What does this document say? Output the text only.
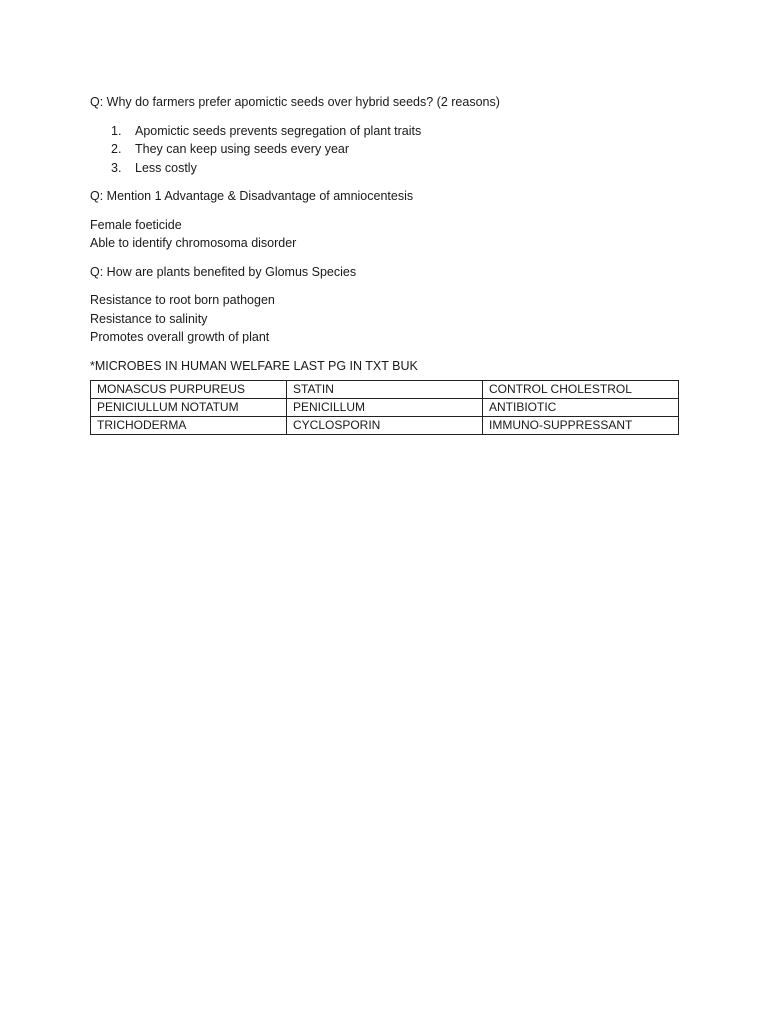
Q: Why do farmers prefer apomictic seeds over hybrid seeds? (2 reasons)

1.	Apomictic seeds prevents segregation of plant traits
2.	They can keep using seeds every year
3.	Less costly

Q: Mention 1 Advantage & Disadvantage of amniocentesis

Female foeticide

Able to identify chromosoma disorder

Q: How are plants benefited by Glomus Species

Resistance to root born pathogen

Resistance to salinity

Promotes overall growth of plant

*MICROBES IN HUMAN WELFARE LAST PG IN TXT BUK

MONASCUS PURPUREUS	STATIN	CONTROL CHOLESTROL
PENICIULLUM NOTATUM	PENICILLUM	ANTIBIOTIC
TRICHODERMA	CYCLOSPORIN	IMMUNO-SUPPRESSANT
